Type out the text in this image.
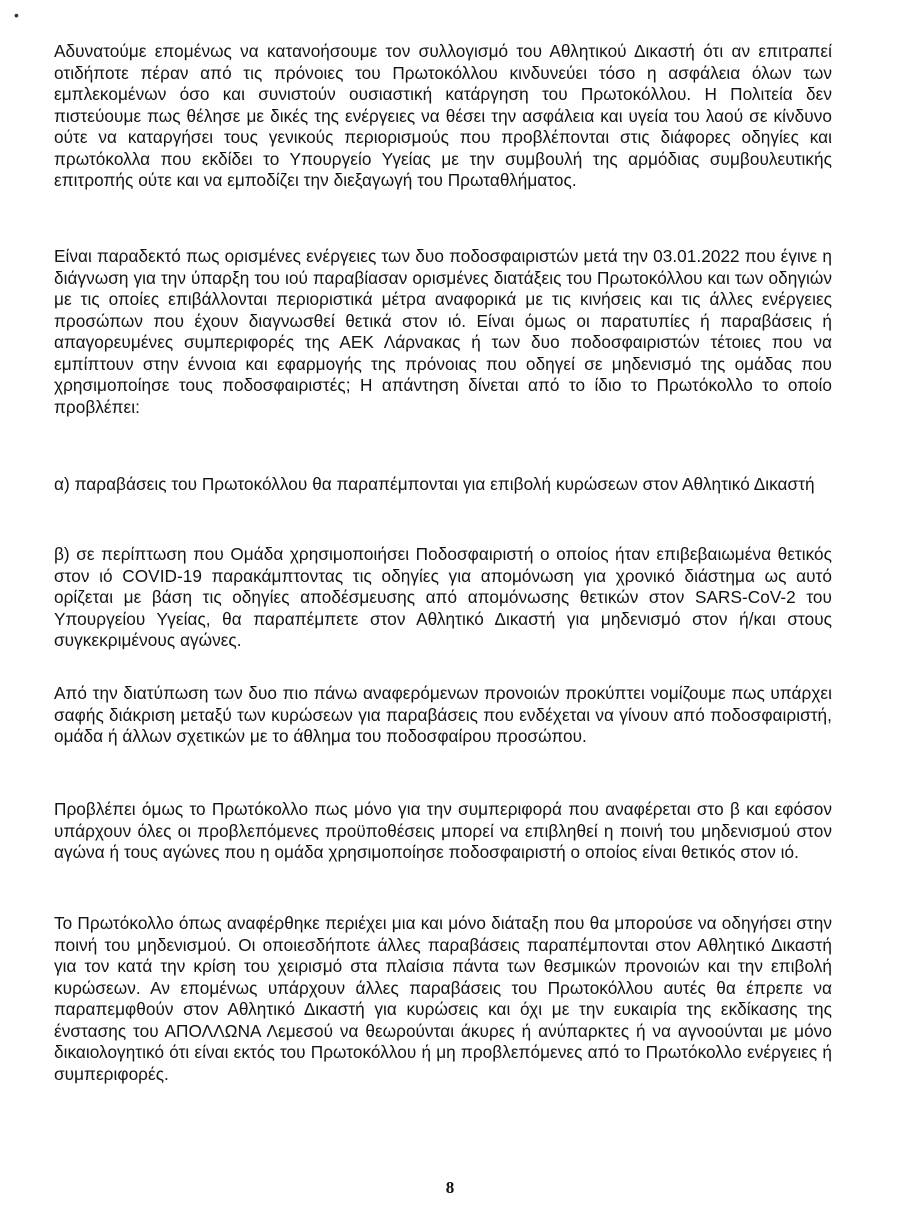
•

Αδυνατούμε επομένως να κατανοήσουμε τον συλλογισμό του Αθλητικού Δικαστή ότι αν επιτραπεί οτιδήποτε πέραν από τις πρόνοιες του Πρωτοκόλλου κινδυνεύει τόσο η ασφάλεια όλων των εμπλεκομένων όσο και συνιστούν ουσιαστική κατάργηση του Πρωτοκόλλου. Η Πολιτεία δεν πιστεύουμε πως θέλησε με δικές της ενέργειες να θέσει την ασφάλεια και υγεία του λαού σε κίνδυνο ούτε να καταργήσει τους γενικούς περιορισμούς που προβλέπονται στις διάφορες οδηγίες και πρωτόκολλα που εκδίδει το Υπουργείο Υγείας με την συμβουλή της αρμόδιας συμβουλευτικής επιτροπής ούτε και να εμποδίζει την διεξαγωγή του Πρωταθλήματος.

Είναι παραδεκτό πως ορισμένες ενέργειες των δυο ποδοσφαιριστών μετά την 03.01.2022 που έγινε η διάγνωση για την ύπαρξη του ιού παραβίασαν ορισμένες διατάξεις του Πρωτοκόλλου και των οδηγιών με τις οποίες επιβάλλονται περιοριστικά μέτρα αναφορικά με τις κινήσεις και τις άλλες ενέργειες προσώπων που έχουν διαγνωσθεί θετικά στον ιό. Είναι όμως οι παρατυπίες ή παραβάσεις ή απαγορευμένες συμπεριφορές της ΑΕΚ Λάρνακας ή των δυο ποδοσφαιριστών τέτοιες που να εμπίπτουν στην έννοια και εφαρμογής της πρόνοιας που οδηγεί σε μηδενισμό της ομάδας που χρησιμοποίησε τους ποδοσφαιριστές; Η απάντηση δίνεται από το ίδιο το Πρωτόκολλο το οποίο προβλέπει:

α) παραβάσεις του Πρωτοκόλλου θα παραπέμπονται για επιβολή κυρώσεων στον Αθλητικό Δικαστή

β) σε περίπτωση που Ομάδα χρησιμοποιήσει Ποδοσφαιριστή ο οποίος ήταν επιβεβαιωμένα θετικός στον ιό COVID-19 παρακάμπτοντας τις οδηγίες για απομόνωση για χρονικό διάστημα ως αυτό ορίζεται με βάση τις οδηγίες αποδέσμευσης από απομόνωσης θετικών στον SARS-CoV-2 του Υπουργείου Υγείας, θα παραπέμπετε στον Αθλητικό Δικαστή για μηδενισμό στον ή/και στους συγκεκριμένους αγώνες.

Από την διατύπωση των δυο πιο πάνω αναφερόμενων προνοιών προκύπτει νομίζουμε πως υπάρχει σαφής διάκριση μεταξύ των κυρώσεων για παραβάσεις που ενδέχεται να γίνουν από ποδοσφαιριστή, ομάδα ή άλλων σχετικών με το άθλημα του ποδοσφαίρου προσώπου.

Προβλέπει όμως το Πρωτόκολλο πως μόνο για την συμπεριφορά που αναφέρεται στο β και εφόσον υπάρχουν όλες οι προβλεπόμενες προϋποθέσεις μπορεί να επιβληθεί η ποινή του μηδενισμού στον αγώνα ή τους αγώνες που η ομάδα χρησιμοποίησε ποδοσφαιριστή ο οποίος είναι θετικός στον ιό.

Το Πρωτόκολλο όπως αναφέρθηκε περιέχει μια και μόνο διάταξη που θα μπορούσε να οδηγήσει στην ποινή του μηδενισμού. Οι οποιεσδήποτε άλλες παραβάσεις παραπέμπονται στον Αθλητικό Δικαστή για τον κατά την κρίση του χειρισμό στα πλαίσια πάντα των θεσμικών προνοιών και την επιβολή κυρώσεων. Αν επομένως υπάρχουν άλλες παραβάσεις του Πρωτοκόλλου αυτές θα έπρεπε να παραπεμφθούν στον Αθλητικό Δικαστή για κυρώσεις και όχι με την ευκαιρία της εκδίκασης της ένστασης του ΑΠΟΛΛΩΝΑ Λεμεσού να θεωρούνται άκυρες ή ανύπαρκτες ή να αγνοούνται με μόνο δικαιολογητικό ότι είναι εκτός του Πρωτοκόλλου ή μη προβλεπόμενες από το Πρωτόκολλο ενέργειες ή συμπεριφορές.

8
